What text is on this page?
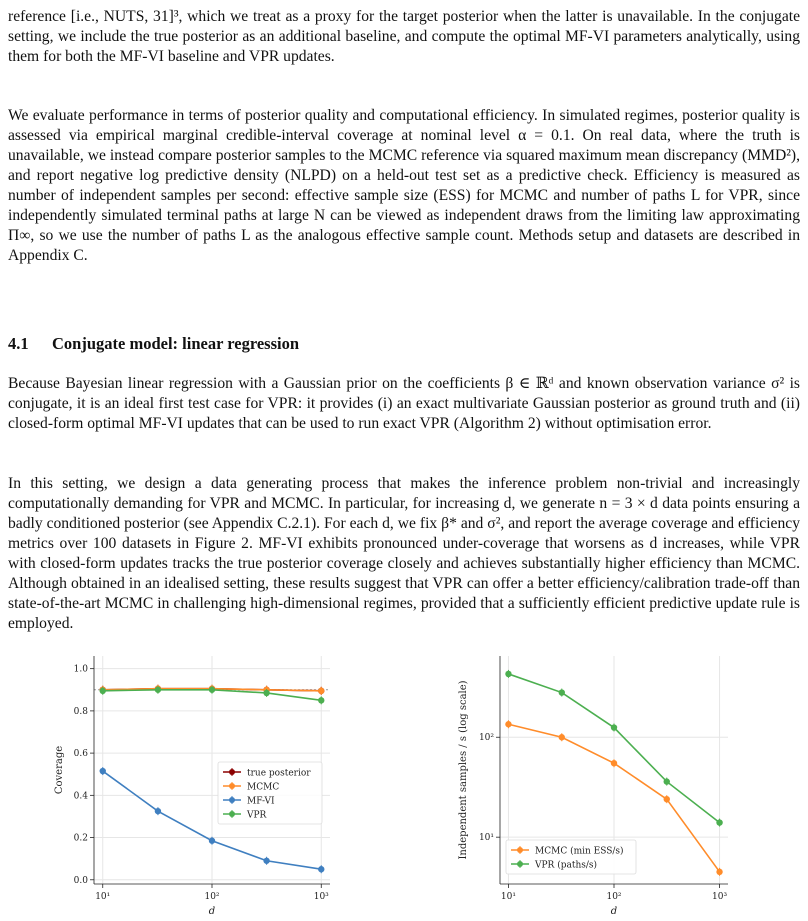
reference [i.e., NUTS, 31]³, which we treat as a proxy for the target posterior when the latter is unavailable. In the conjugate setting, we include the true posterior as an additional baseline, and compute the optimal MF-VI parameters analytically, using them for both the MF-VI baseline and VPR updates.

We evaluate performance in terms of posterior quality and computational efficiency. In simulated regimes, posterior quality is assessed via empirical marginal credible-interval coverage at nominal level α = 0.1. On real data, where the truth is unavailable, we instead compare posterior samples to the MCMC reference via squared maximum mean discrepancy (MMD²), and report negative log predictive density (NLPD) on a held-out test set as a predictive check. Efficiency is measured as number of independent samples per second: effective sample size (ESS) for MCMC and number of paths L for VPR, since independently simulated terminal paths at large N can be viewed as independent draws from the limiting law approximating Π∞, so we use the number of paths L as the analogous effective sample count. Methods setup and datasets are described in Appendix C.

4.1 Conjugate model: linear regression

Because Bayesian linear regression with a Gaussian prior on the coefficients β ∈ ℝᵈ and known observation variance σ² is conjugate, it is an ideal first test case for VPR: it provides (i) an exact multivariate Gaussian posterior as ground truth and (ii) closed-form optimal MF-VI updates that can be used to run exact VPR (Algorithm 2) without optimisation error.

In this setting, we design a data generating process that makes the inference problem non-trivial and increasingly computationally demanding for VPR and MCMC. In particular, for increasing d, we generate n = 3 × d data points ensuring a badly conditioned posterior (see Appendix C.2.1). For each d, we fix β* and σ², and report the average coverage and efficiency metrics over 100 datasets in Figure 2. MF-VI exhibits pronounced under-coverage that worsens as d increases, while VPR with closed-form updates tracks the true posterior coverage closely and achieves substantially higher efficiency than MCMC. Although obtained in an idealised setting, these results suggest that VPR can offer a better efficiency/calibration trade-off than state-of-the-art MCMC in challenging high-dimensional regimes, provided that a sufficiently efficient predictive update rule is employed.

10¹	10²	10³
0.0
0.2
0.4
0.6
0.8
1.0
d
Coverage	true posterior
MCMC
MF-VI
VPR
10¹	10²	10³
10¹
10²
d
Independent samples / s (log scale)	MCMC (min ESS/s)
VPR (paths/s)
